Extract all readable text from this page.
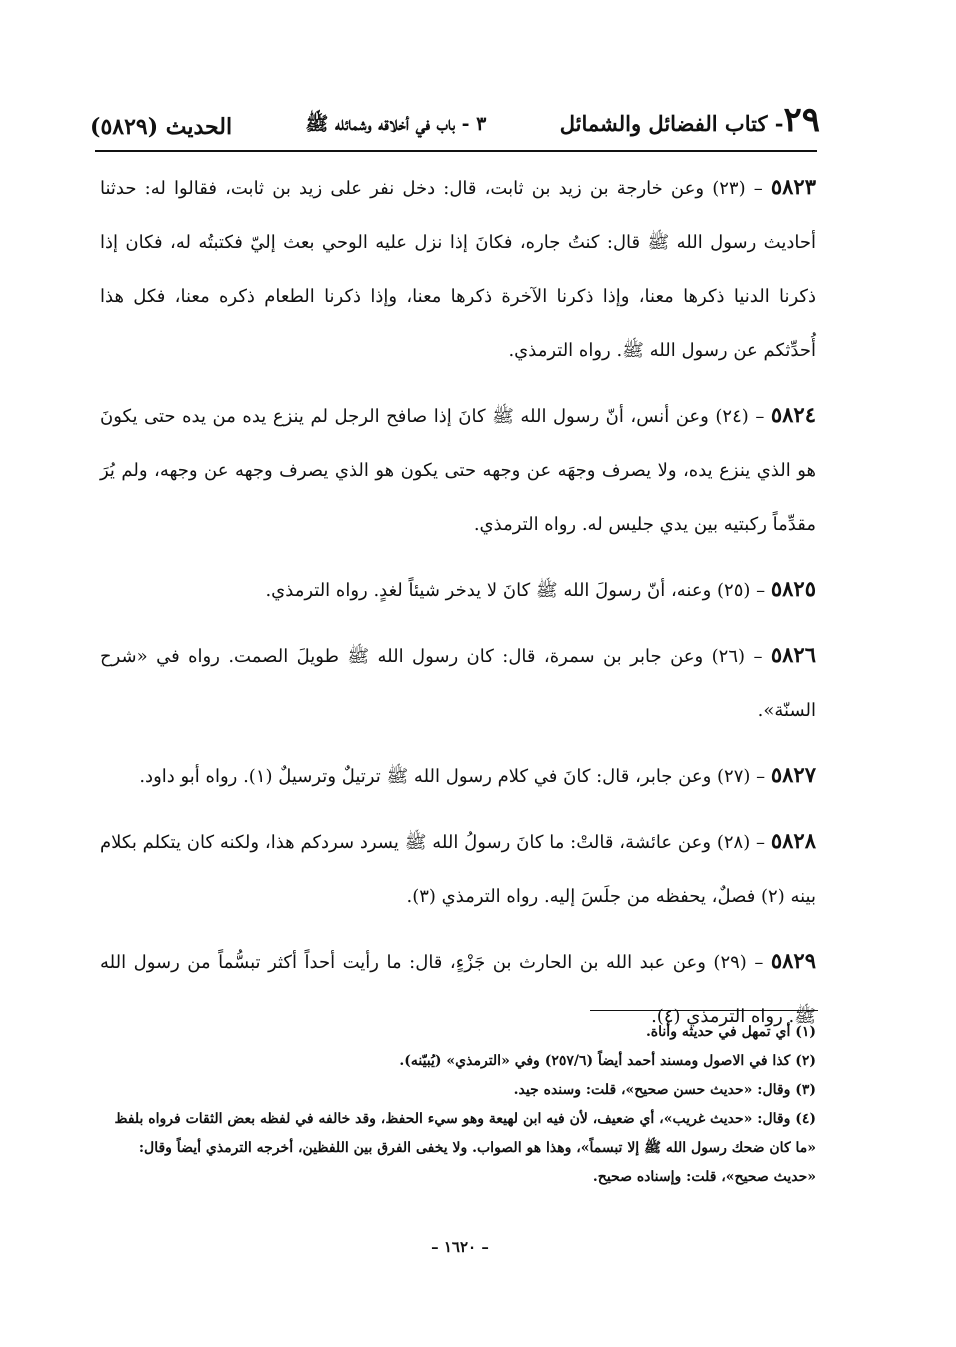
٢٩- كتاب الفضائل والشمائل
٣ - باب في أخلاقه وشمائله ﷺ
الحديث (٥٨٢٩)

٥٨٢٣ – (٢٣) وعن خارجة بن زيد بن ثابت، قال: دخل نفر على زيد بن ثابت، فقالوا له: حدثنا أحاديث رسول الله ﷺ قال: كنتُ جاره، فكانَ إذا نزل عليه الوحي بعث إليّ فكتبتُه له، فكان إذا ذكرنا الدنيا ذكرها معنا، وإذا ذكرنا الآخرة ذكرها معنا، وإذا ذكرنا الطعام ذكره معنا، فكل هذا أُحدِّثكم عن رسول الله ﷺ. رواه الترمذي.

٥٨٢٤ – (٢٤) وعن أنس، أنّ رسول الله ﷺ كانَ إذا صافح الرجل لم ينزع يده من يده حتى يكونَ هو الذي ينزع يده، ولا يصرف وجهَه عن وجهه حتى يكون هو الذي يصرف وجهه عن وجهه، ولم يُرَ مقدِّماً ركبتيه بين يدي جليس له. رواه الترمذي.

٥٨٢٥ – (٢٥) وعنه، أنّ رسولَ الله ﷺ كانَ لا يدخر شيئاً لغدٍ. رواه الترمذي.

٥٨٢٦ – (٢٦) وعن جابر بن سمرة، قال: كان رسول الله ﷺ طويلَ الصمت. رواه في «شرح السنّة».

٥٨٢٧ – (٢٧) وعن جابر، قال: كانَ في كلام رسول الله ﷺ ترتيلٌ وترسيلٌ (١). رواه أبو داود.

٥٨٢٨ – (٢٨) وعن عائشة، قالتْ: ما كانَ رسولُ الله ﷺ يسرد سردكم هذا، ولكنه كان يتكلم بكلام بينه (٢) فصلٌ، يحفظه من جلَسَ إليه. رواه الترمذي (٣).

٥٨٢٩ – (٢٩) وعن عبد الله بن الحارث بن جَزْءٍ، قال: ما رأيت أحداً أكثر تبسُّماً من رسول الله ﷺ. رواه الترمذي (٤).

(١) أي تمهل في حديثه وأناة.

(٢) كذا في الاصول ومسند أحمد أيضاً (٢٥٧/٦) وفي «الترمذي» (يُبيّنه).

(٣) وقال: «حديث حسن صحيح»، قلت: وسنده جيد.

(٤) وقال: «حديث غريب»، أي ضعيف، لأن فيه ابن لهيعة وهو سيء الحفظ، وقد خالفه في لفظه بعض الثقات فرواه بلفظ «ما كان ضحك رسول الله ﷺ إلا تبسماً»، وهذا هو الصواب. ولا يخفى الفرق بين اللفظين، أخرجه الترمذي أيضاً وقال: «حديث صحيح»، قلت: وإسناده صحيح.

– ١٦٢٠ –
